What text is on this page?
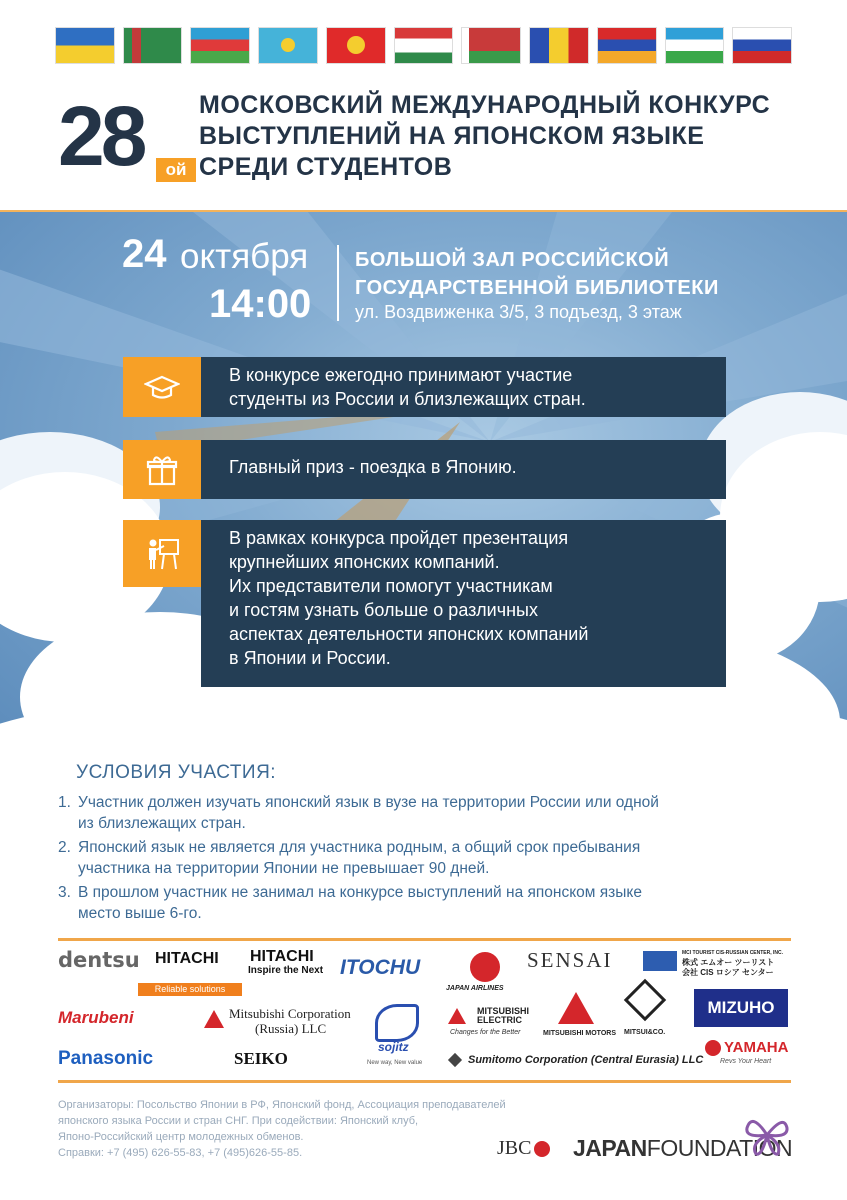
28	ой
МОСКОВСКИЙ МЕЖДУНАРОДНЫЙ КОНКУРС
ВЫСТУПЛЕНИЙ НА ЯПОНСКОМ ЯЗЫКЕ
СРЕДИ СТУДЕНТОВ
24 октября
14:00
БОЛЬШОЙ ЗАЛ РОССИЙСКОЙ
ГОСУДАРСТВЕННОЙ БИБЛИОТЕКИ
ул. Воздвиженка 3/5, 3 подъезд, 3 этаж
В конкурсе ежегодно принимают участие
студенты из России и близлежащих стран.
Главный приз - поездка в Японию.
В рамках конкурса пройдет презентация
крупнейших японских компаний.
Их представители помогут участникам
и гостям узнать больше о различных
аспектах деятельности японских компаний
в Японии и России.
УСЛОВИЯ УЧАСТИЯ:
1. Участник должен изучать японский язык в вузе на территории России или одной
из близлежащих стран.
2. Японский язык не является для участника родным, а общий срок пребывания
участника на территории Японии не превышает 90 дней.
3. В прошлом участник не занимал на конкурсе выступлений на японском языке
место выше 6-го.
dentsu HITACHI
Reliable solutions
HITACHI
Inspire the Next ITOCHU
JAPAN AIRLINES
SENSAI	MCI TOURIST CIS-RUSSIAN CENTER, INC.
株式 エムオー ツーリスト
会社 CIS ロシア センター
Marubeni	Mitsubishi Corporation
(Russia) LLC
sojitz
New way, New value
MITSUBISHI
ELECTRIC
Changes for the Better	MITSUBISHI MOTORS MITSUI&CO.
MIZUHO
Panasonic	SEIKO	Sumitomo Corporation (Central Eurasia) LLC
YAMAHA
Revs Your Heart
Организаторы: Посольство Японии в РФ, Японский фонд, Ассоциация преподавателей
японского языка России и стран СНГ. При содействии: Японский клуб,
Японо-Российский центр молодежных обменов.
Справки: +7 (495) 626-55-83, +7 (495)626-55-85.	JBC	JAPANFOUNDATION
